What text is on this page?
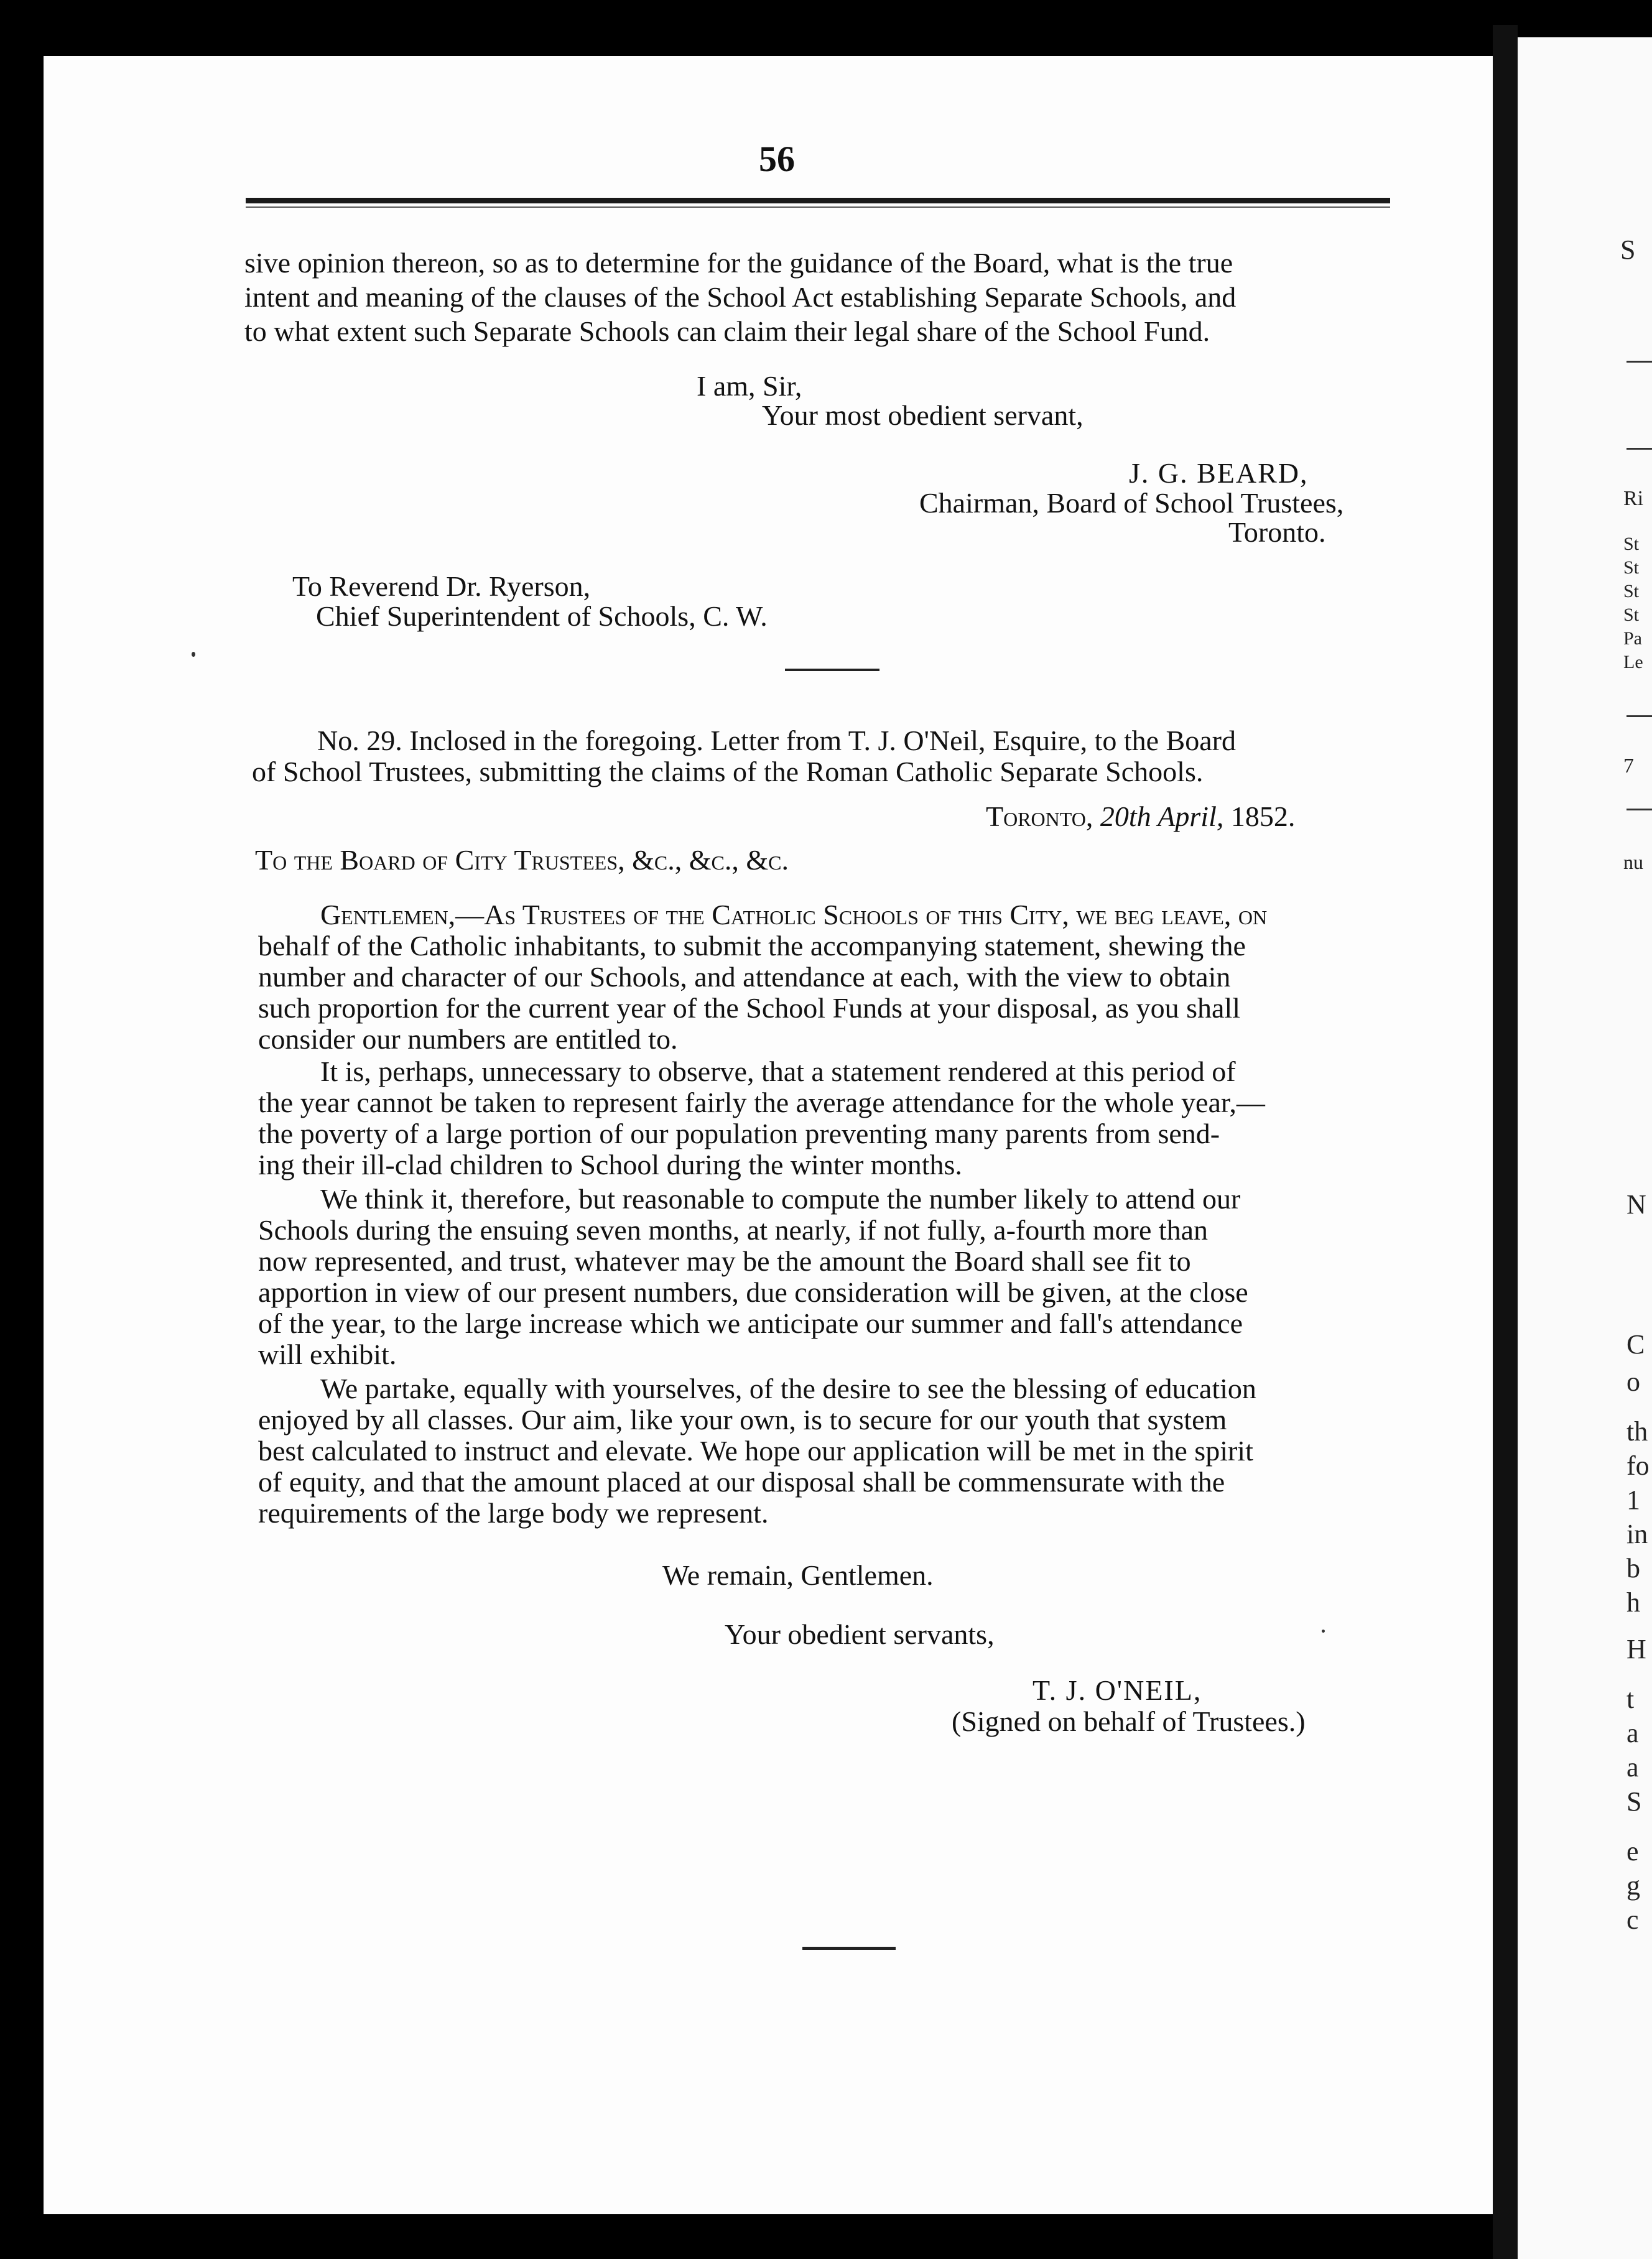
S
Ri
St
St
St
St
Pa
Le
7
nu
N
C
o
th
fo
1
in
b
h
H
t
a
a
S
e
g
c
56
sive opinion thereon, so as to determine for the guidance of the Board, what is the true
intent and meaning of the clauses of the School Act establishing Separate Schools, and
to what extent such Separate Schools can claim their legal share of the School Fund.
I am, Sir,
Your most obedient servant,
J. G. BEARD,
Chairman, Board of School Trustees,
Toronto.
To Reverend Dr. Ryerson,
Chief Superintendent of Schools, C. W.
No. 29. Inclosed in the foregoing. Letter from T. J. O'Neil, Esquire, to the Board
of School Trustees, submitting the claims of the Roman Catholic Separate Schools.
Toronto, 20th April, 1852.
To the Board of City Trustees, &c., &c., &c.
Gentlemen,—As Trustees of the Catholic Schools of this City, we beg leave, on
behalf of the Catholic inhabitants, to submit the accompanying statement, shewing the
number and character of our Schools, and attendance at each, with the view to obtain
such proportion for the current year of the School Funds at your disposal, as you shall
consider our numbers are entitled to.
It is, perhaps, unnecessary to observe, that a statement rendered at this period of
the year cannot be taken to represent fairly the average attendance for the whole year,—
the poverty of a large portion of our population preventing many parents from send-
ing their ill-clad children to School during the winter months.
We think it, therefore, but reasonable to compute the number likely to attend our
Schools during the ensuing seven months, at nearly, if not fully, a-fourth more than
now represented, and trust, whatever may be the amount the Board shall see fit to
apportion in view of our present numbers, due consideration will be given, at the close
of the year, to the large increase which we anticipate our summer and fall's attendance
will exhibit.
We partake, equally with yourselves, of the desire to see the blessing of education
enjoyed by all classes. Our aim, like your own, is to secure for our youth that system
best calculated to instruct and elevate. We hope our application will be met in the spirit
of equity, and that the amount placed at our disposal shall be commensurate with the
requirements of the large body we represent.
We remain, Gentlemen.
Your obedient servants,
T. J. O'NEIL,
(Signed on behalf of Trustees.)
